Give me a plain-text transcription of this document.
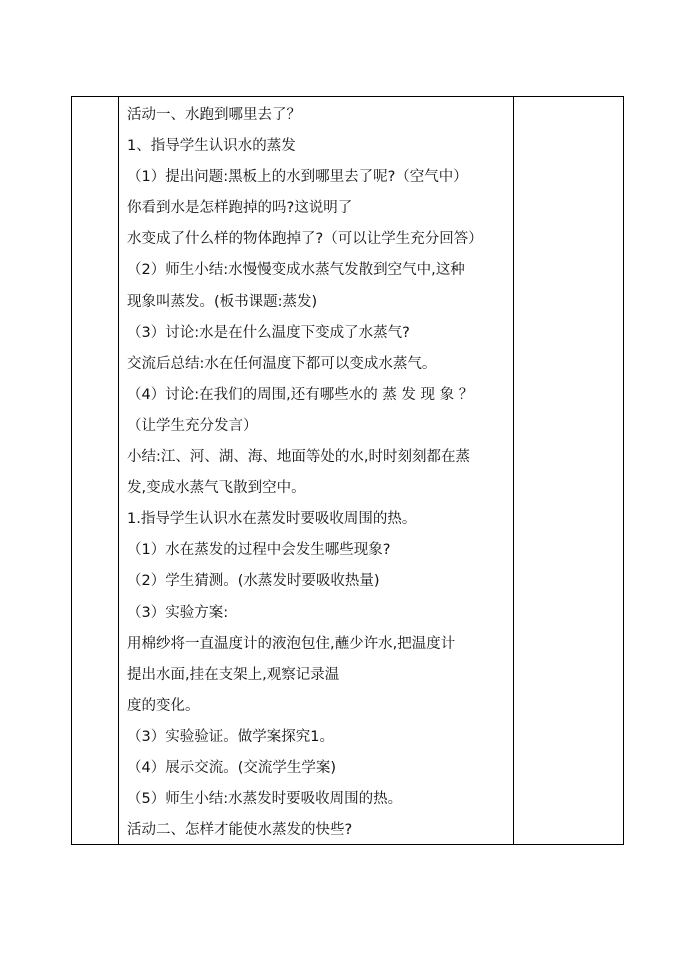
活动一、水跑到哪里去了？
1、指导学生认识水的蒸发
（1）提出问题:黑板上的水到哪里去了呢?（空气中）
你看到水是怎样跑掉的吗?这说明了
水变成了什么样的物体跑掉了?（可以让学生充分回答）
（2）师生小结:水慢慢变成水蒸气发散到空气中,这种
现象叫蒸发。(板书课题:蒸发)
（3）讨论:水是在什么温度下变成了水蒸气?
交流后总结:水在任何温度下都可以变成水蒸气。
（4）讨论:在我们的周围,还有哪些水的 蒸 发 现 象 ？
（让学生充分发言）
小结:江、河、湖、海、地面等处的水,时时刻刻都在蒸
发,变成水蒸气飞散到空中。
1.指导学生认识水在蒸发时要吸收周围的热。
（1）水在蒸发的过程中会发生哪些现象?
（2）学生猜测。(水蒸发时要吸收热量)
（3）实验方案:
用棉纱将一直温度计的液泡包住,蘸少许水,把温度计
提出水面,挂在支架上,观察记录温
度的变化。
（3）实验验证。做学案探究1。
（4）展示交流。(交流学生学案)
（5）师生小结:水蒸发时要吸收周围的热。
活动二、怎样才能使水蒸发的快些?
